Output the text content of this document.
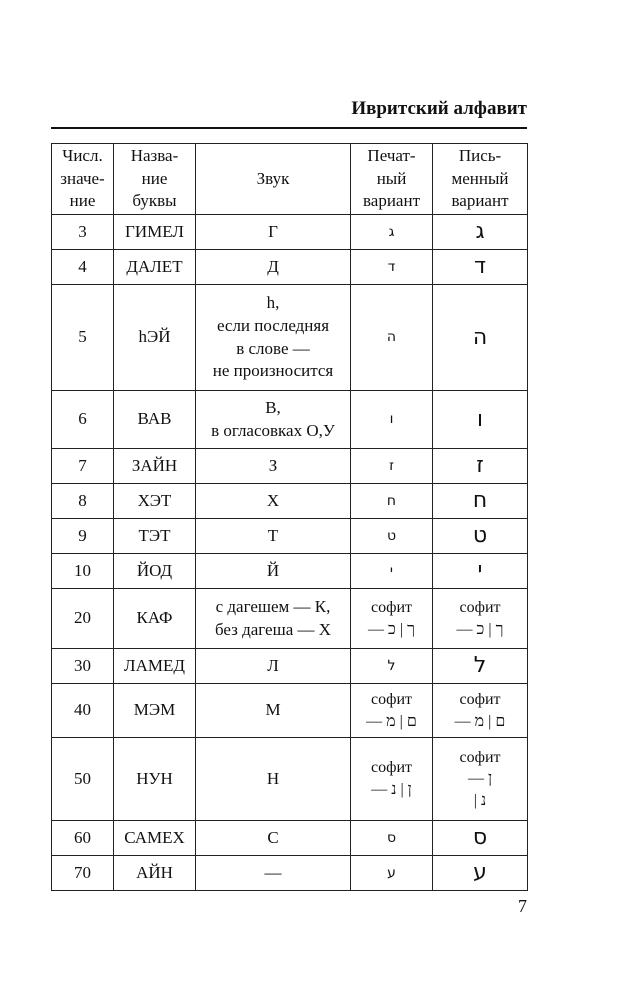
Ивритский алфавит
Числ.
значе-
ние	Назва-
ние
буквы	Звук	Печат-
ный
вариант	Пись-
менный
вариант
3	ГИМЕЛ	Г	ג	ג
4	ДАЛЕТ	Д	ד	ד
5	hЭЙ	h,
если последняя
в слове —
не произносится	ה	ה
6	ВАВ	В,
в огласовках О,У	ו	ו
7	ЗАЙН	З	ז	ז
8	ХЭТ	Х	ח	ח
9	ТЭТ	Т	ט	ט
10	ЙОД	Й	י	י
20	КАФ	с дагешем — К,
без дагеша — Х	софит
— ך | כ	софит
— ך | כ
30	ЛАМЕД	Л	ל	ל
40	МЭМ	М	софит
— ם | מ	софит
— ם | מ
50	НУН	Н	софит
— ן | נ	софит
— ן
| נ
60	САМЕХ	С	ס	ס
70	АЙН	—	ע	ע
7
